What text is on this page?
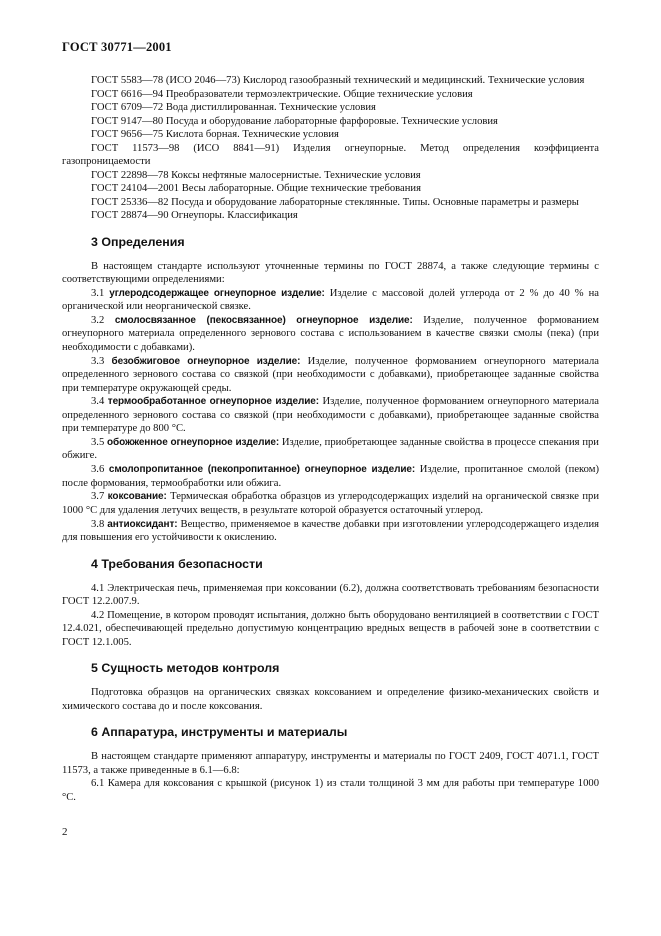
ГОСТ 30771—2001

ГОСТ 5583—78 (ИСО 2046—73) Кислород газообразный технический и медицинский. Технические условия

ГОСТ 6616—94 Преобразователи термоэлектрические. Общие технические условия

ГОСТ 6709—72 Вода дистиллированная. Технические условия

ГОСТ 9147—80 Посуда и оборудование лабораторные фарфоровые. Технические условия

ГОСТ 9656—75 Кислота борная. Технические условия

ГОСТ 11573—98 (ИСО 8841—91) Изделия огнеупорные. Метод определения коэффициента газопроницаемости

ГОСТ 22898—78 Коксы нефтяные малосернистые. Технические условия

ГОСТ 24104—2001 Весы лабораторные. Общие технические требования

ГОСТ 25336—82 Посуда и оборудование лабораторные стеклянные. Типы. Основные параметры и размеры

ГОСТ 28874—90 Огнеупоры. Классификация

3 Определения

В настоящем стандарте используют уточненные термины по ГОСТ 28874, а также следующие термины с соответствующими определениями:

3.1 углеродсодержащее огнеупорное изделие: Изделие с массовой долей углерода от 2 % до 40 % на органической или неорганической связке.

3.2 смолосвязанное (пекосвязанное) огнеупорное изделие: Изделие, полученное формованием огнеупорного материала определенного зернового состава с использованием в качестве связки смолы (пека) (при необходимости с добавками).

3.3 безобжиговое огнеупорное изделие: Изделие, полученное формованием огнеупорного материала определенного зернового состава со связкой (при необходимости с добавками), приобретающее заданные свойства при температуре окружающей среды.

3.4 термообработанное огнеупорное изделие: Изделие, полученное формованием огнеупорного материала определенного зернового состава со связкой (при необходимости с добавками), приобретающее заданные свойства при температуре до 800 °С.

3.5 обожженное огнеупорное изделие: Изделие, приобретающее заданные свойства в процессе спекания при обжиге.

3.6 смолопропитанное (пекопропитанное) огнеупорное изделие: Изделие, пропитанное смолой (пеком) после формования, термообработки или обжига.

3.7 коксование: Термическая обработка образцов из углеродсодержащих изделий на органической связке при 1000 °С для удаления летучих веществ, в результате которой образуется остаточный углерод.

3.8 антиоксидант: Вещество, применяемое в качестве добавки при изготовлении углеродсодержащего изделия для повышения его устойчивости к окислению.

4 Требования безопасности

4.1 Электрическая печь, применяемая при коксовании (6.2), должна соответствовать требованиям безопасности ГОСТ 12.2.007.9.

4.2 Помещение, в котором проводят испытания, должно быть оборудовано вентиляцией в соответствии с ГОСТ 12.4.021, обеспечивающей предельно допустимую концентрацию вредных веществ в рабочей зоне в соответствии с ГОСТ 12.1.005.

5 Сущность методов контроля

Подготовка образцов на органических связках коксованием и определение физико-механических свойств и химического состава до и после коксования.

6 Аппаратура, инструменты и материалы

В настоящем стандарте применяют аппаратуру, инструменты и материалы по ГОСТ 2409, ГОСТ 4071.1, ГОСТ 11573, а также приведенные в 6.1—6.8:

6.1 Камера для коксования с крышкой (рисунок 1) из стали толщиной 3 мм для работы при температуре 1000 °С.

2
